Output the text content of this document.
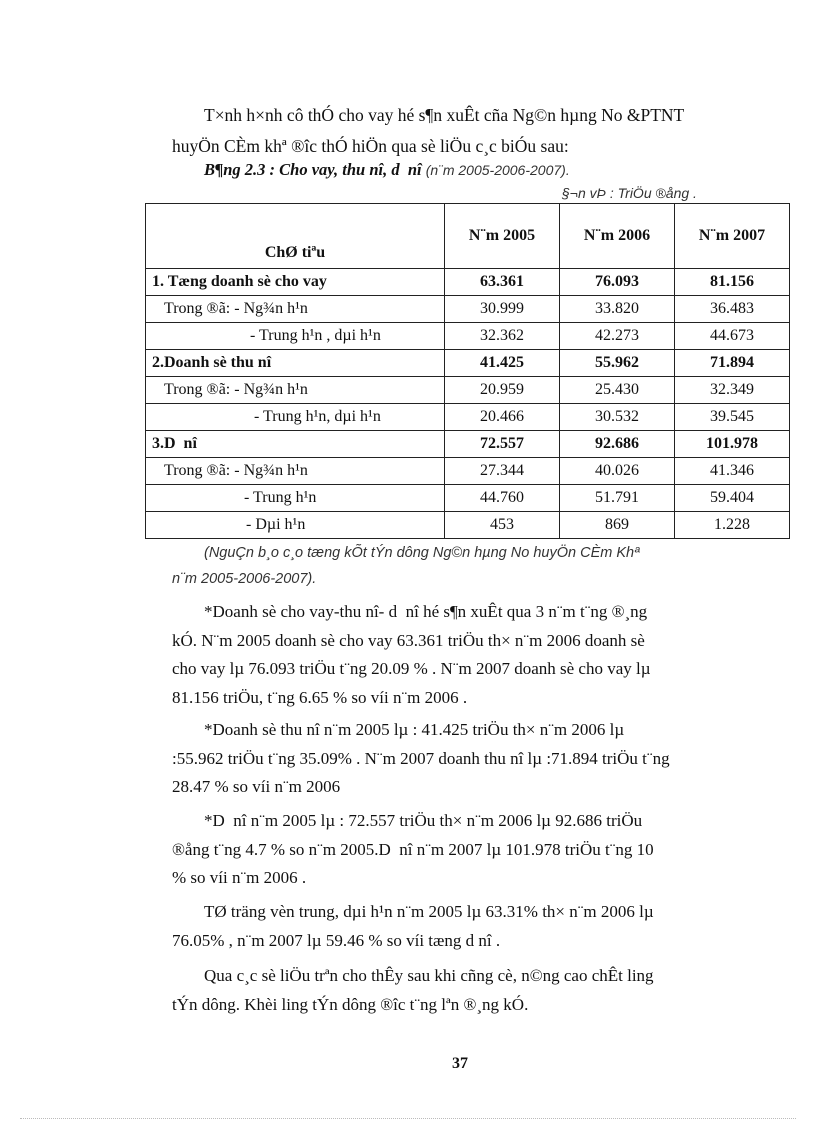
T×nh h×nh cô thÓ cho vay hé s¶n xuÊt cña Ng©n hµng No &PTNT

huyÖn CÈm khª ®îc thÓ hiÖn qua sè liÖu c¸c biÓu sau:

B¶ng 2.3 : Cho vay, thu nî, d  nî (n¨m 2005-2006-2007).
§¬n vÞ : TriÖu ®ång .
ChØ tiªu	N¨m 2005	N¨m 2006	N¨m 2007
1. Tæng doanh sè cho vay	63.361	76.093	81.156
Trong ®ã: - Ng¾n h¹n	30.999	33.820	36.483
- Trung h¹n , dµi h¹n	32.362	42.273	44.673
2.Doanh sè thu nî	41.425	55.962	71.894
Trong ®ã: - Ng¾n h¹n	20.959	25.430	32.349
- Trung h¹n, dµi h¹n	20.466	30.532	39.545
3.D  nî	72.557	92.686	101.978
Trong ®ã: - Ng¾n h¹n	27.344	40.026	41.346
- Trung h¹n	44.760	51.791	59.404
- Dµi h¹n	453	869	1.228

(NguÇn b¸o c¸o tæng kÕt tÝn dông Ng©n hµng No huyÖn CÈm Khª

n¨m 2005-2006-2007).

*Doanh sè cho vay-thu nî- d  nî hé s¶n xuÊt qua 3 n¨m t¨ng ®¸ng
kÓ. N¨m 2005 doanh sè cho vay 63.361 triÖu th× n¨m 2006 doanh sè
cho vay lµ 76.093 triÖu t¨ng 20.09 % . N¨m 2007 doanh sè cho vay lµ
81.156 triÖu, t¨ng 6.65 % so víi n¨m 2006 .
*Doanh sè thu nî n¨m 2005 lµ : 41.425 triÖu th× n¨m 2006 lµ
:55.962 triÖu t¨ng 35.09% . N¨m 2007 doanh thu nî lµ :71.894 triÖu t¨ng
28.47 % so víi n¨m 2006
*D  nî n¨m 2005 lµ : 72.557 triÖu th× n¨m 2006 lµ 92.686 triÖu
®ång t¨ng 4.7 % so n¨m 2005.D  nî n¨m 2007 lµ 101.978 triÖu t¨ng 10
% so víi n¨m 2006 .
TØ träng vèn trung, dµi h¹n n¨m 2005 lµ 63.31% th× n¨m 2006 lµ
76.05% , n¨m 2007 lµ 59.46 % so víi tæng d nî .
Qua c¸c sè liÖu trªn cho thÊy sau khi cñng cè, n©ng cao chÊt ling
tÝn dông. Khèi ling tÝn dông ®îc t¨ng lªn ®¸ng kÓ.
37
